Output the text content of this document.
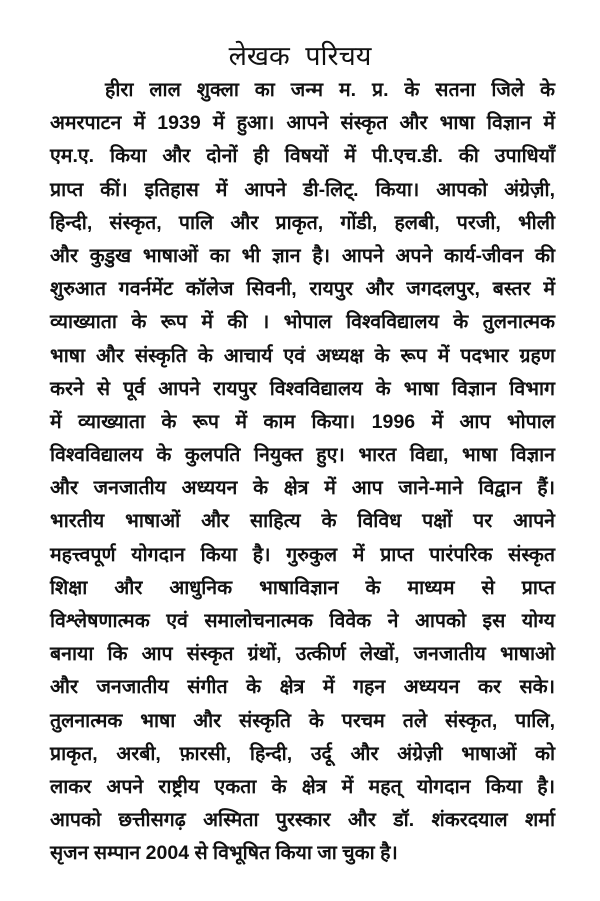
लेखक परिचय
हीरा लाल शुक्ला का जन्म म. प्र. के सतना जिले के
अमरपाटन में 1939 में हुआ। आपने संस्कृत और भाषा विज्ञान में
एम.ए. किया और दोनों ही विषयों में पी.एच.डी. की उपाधियाँ
प्राप्त कीं। इतिहास में आपने डी-लिट्. किया। आपको अंग्रेज़ी,
हिन्दी, संस्कृत, पालि और प्राकृत, गोंडी, हलबी, परजी, भीली
और कुडुख भाषाओं का भी ज्ञान है। आपने अपने कार्य-जीवन की
शुरुआत गवर्नमेंट कॉलेज सिवनी, रायपुर और जगदलपुर, बस्तर में
व्याख्याता के रूप में की । भोपाल विश्वविद्यालय के तुलनात्मक
भाषा और संस्कृति के आचार्य एवं अध्यक्ष के रूप में पदभार ग्रहण
करने से पूर्व आपने रायपुर विश्वविद्यालय के भाषा विज्ञान विभाग
में व्याख्याता के रूप में काम किया। 1996 में आप भोपाल
विश्वविद्यालय के कुलपति नियुक्त हुए। भारत विद्या, भाषा विज्ञान
और जनजातीय अध्ययन के क्षेत्र में आप जाने-माने विद्वान हैं।
भारतीय भाषाओं और साहित्य के विविध पक्षों पर आपने
महत्त्वपूर्ण योगदान किया है। गुरुकुल में प्राप्त पारंपरिक संस्कृत
शिक्षा और आधुनिक भाषाविज्ञान के माध्यम से प्राप्त
विश्लेषणात्मक एवं समालोचनात्मक विवेक ने आपको इस योग्य
बनाया कि आप संस्कृत ग्रंथों, उत्कीर्ण लेखों, जनजातीय भाषाओ
और जनजातीय संगीत के क्षेत्र में गहन अध्ययन कर सके।
तुलनात्मक भाषा और संस्कृति के परचम तले संस्कृत, पालि,
प्राकृत, अरबी, फ़ारसी, हिन्दी, उर्दू और अंग्रेज़ी भाषाओं को
लाकर अपने राष्ट्रीय एकता के क्षेत्र में महत् योगदान किया है।
आपको छत्तीसगढ़ अस्मिता पुरस्कार और डॉ. शंकरदयाल शर्मा
सृजन सम्पान 2004 से विभूषित किया जा चुका है।
